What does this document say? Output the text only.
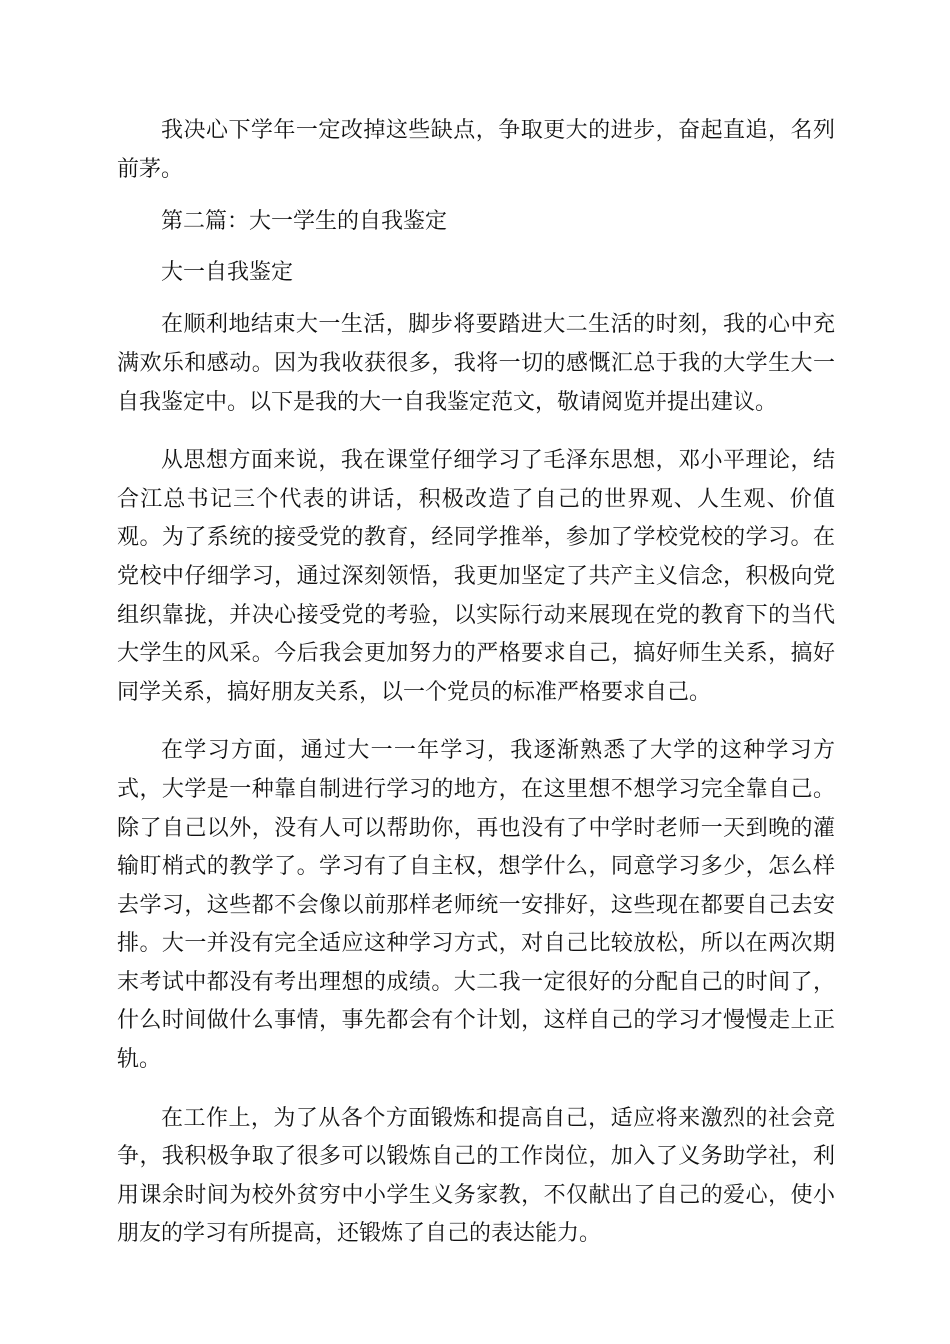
我决心下学年一定改掉这些缺点，争取更大的进步，奋起直追，名列前茅。

第二篇：大一学生的自我鉴定

大一自我鉴定

在顺利地结束大一生活，脚步将要踏进大二生活的时刻，我的心中充满欢乐和感动。因为我收获很多，我将一切的感慨汇总于我的大学生大一自我鉴定中。以下是我的大一自我鉴定范文，敬请阅览并提出建议。

从思想方面来说，我在课堂仔细学习了毛泽东思想，邓小平理论，结合江总书记三个代表的讲话，积极改造了自己的世界观、人生观、价值观。为了系统的接受党的教育，经同学推举，参加了学校党校的学习。在党校中仔细学习，通过深刻领悟，我更加坚定了共产主义信念，积极向党组织靠拢，并决心接受党的考验，以实际行动来展现在党的教育下的当代大学生的风采。今后我会更加努力的严格要求自己，搞好师生关系，搞好同学关系，搞好朋友关系，以一个党员的标准严格要求自己。

在学习方面，通过大一一年学习，我逐渐熟悉了大学的这种学习方式，大学是一种靠自制进行学习的地方，在这里想不想学习完全靠自己。除了自己以外，没有人可以帮助你，再也没有了中学时老师一天到晚的灌输盯梢式的教学了。学习有了自主权，想学什么，同意学习多少，怎么样去学习，这些都不会像以前那样老师统一安排好，这些现在都要自己去安排。大一并没有完全适应这种学习方式，对自己比较放松，所以在两次期末考试中都没有考出理想的成绩。大二我一定很好的分配自己的时间了，什么时间做什么事情，事先都会有个计划，这样自己的学习才慢慢走上正轨。

在工作上，为了从各个方面锻炼和提高自己，适应将来激烈的社会竞争，我积极争取了很多可以锻炼自己的工作岗位，加入了义务助学社，利用课余时间为校外贫穷中小学生义务家教，不仅献出了自己的爱心，使小朋友的学习有所提高，还锻炼了自己的表达能力。
